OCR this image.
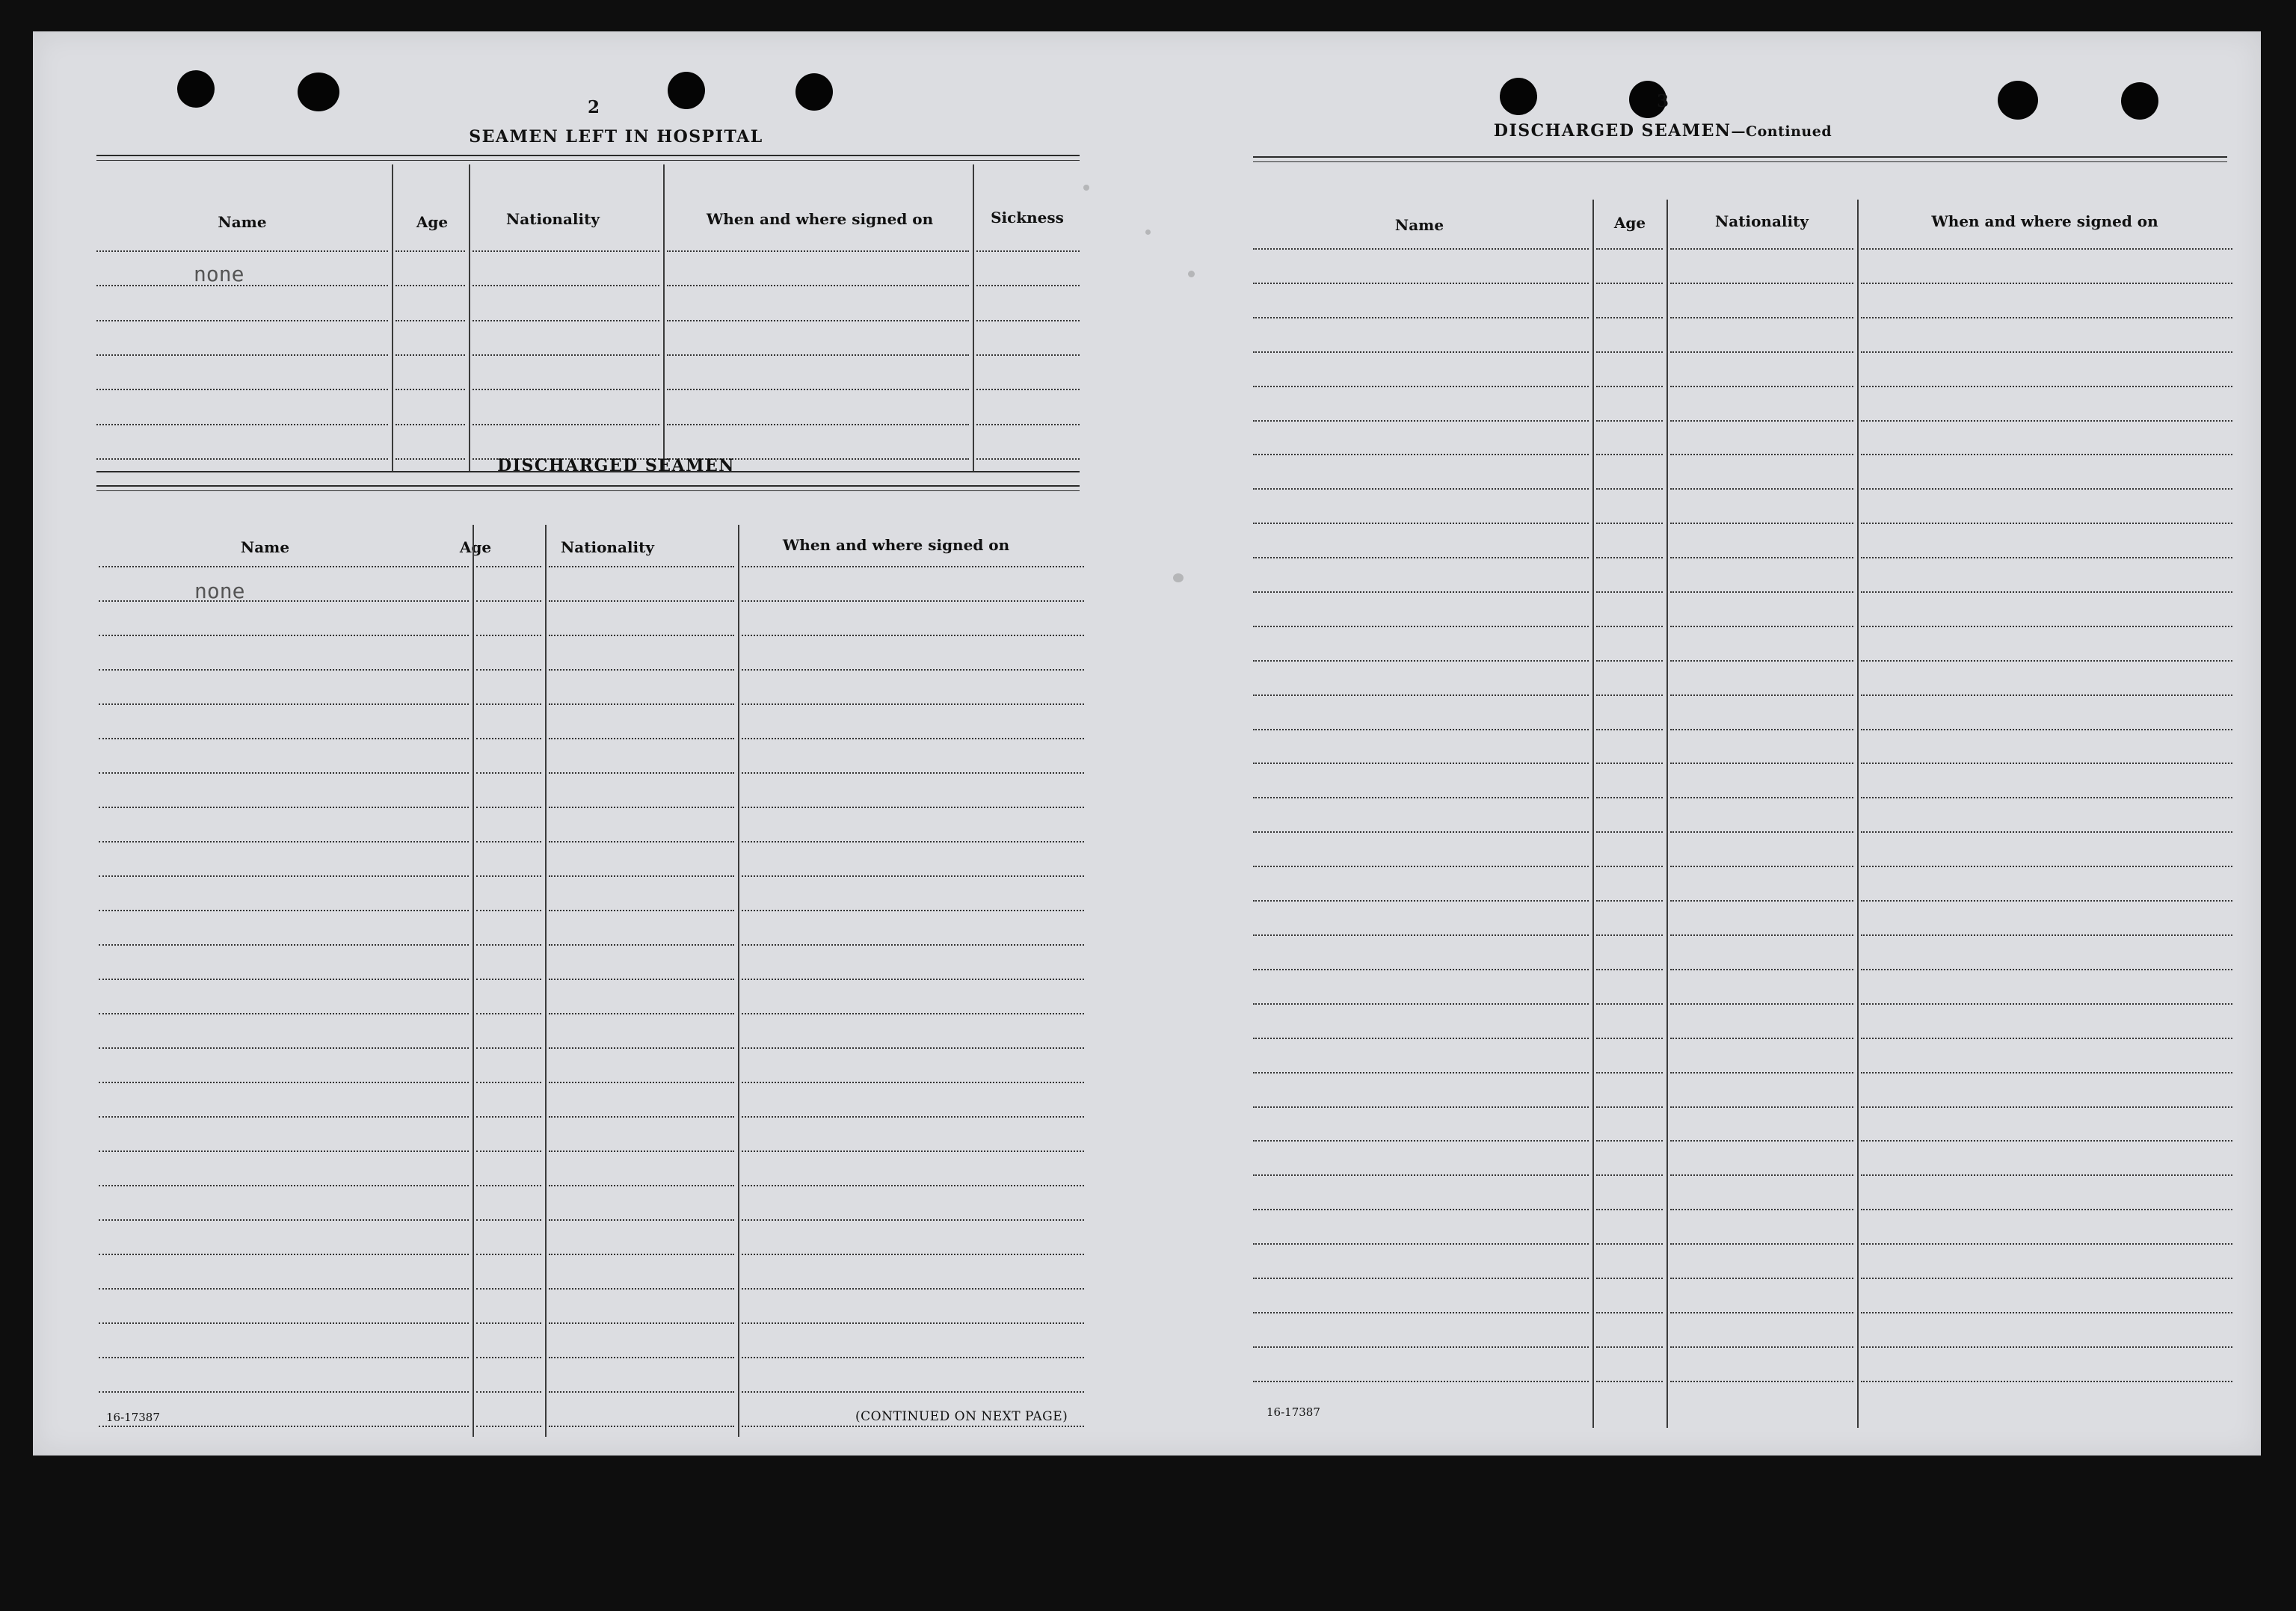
2
SEAMEN LEFT IN HOSPITAL
Name	Age	Nationality	When and where signed on	Sickness
none
DISCHARGED SEAMEN
Name	Age	Nationality	When and where signed on
none
16-17387	(CONTINUED ON NEXT PAGE)
3
DISCHARGED SEAMEN—Continued
Name	Age	Nationality	When and where signed on
16-17387
